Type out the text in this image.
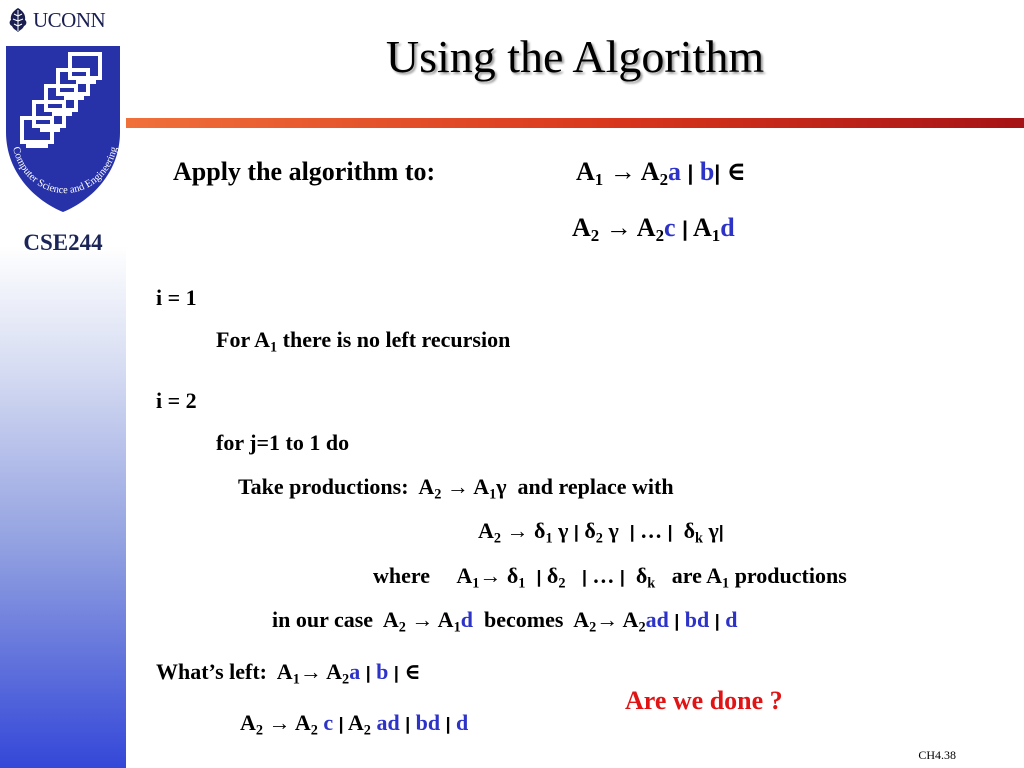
UCONN
Computer Science and Engineering
CSE244
Using the Algorithm
Apply the algorithm to:	$A_1 \to A_2a$ | b| ∈
$A_2 \to A_2c$ | $A_1d$
i = 1
For $A_1$ there is no left recursion
i = 2
for j=1 to 1 do
Take productions:  $A_2 \to A_1\gamma$  and replace with
$A_2 \to \delta_1$ γ | $\delta_2$ γ  | … |  $\delta_k$ γ|
where     $A_1\to \delta_1$ | $\delta_2$ | … |  $\delta_k$ are $A_1$ productions
in our case  $A_2 \to A_1d$ becomes  $A_2\to A_2ad$ | bd | d
What’s left:  $A_1\to A_2a$ | b | ∈
$A_2 \to A_2$ c | $A_2$ ad | bd | d
Are we done ?
CH4.38
